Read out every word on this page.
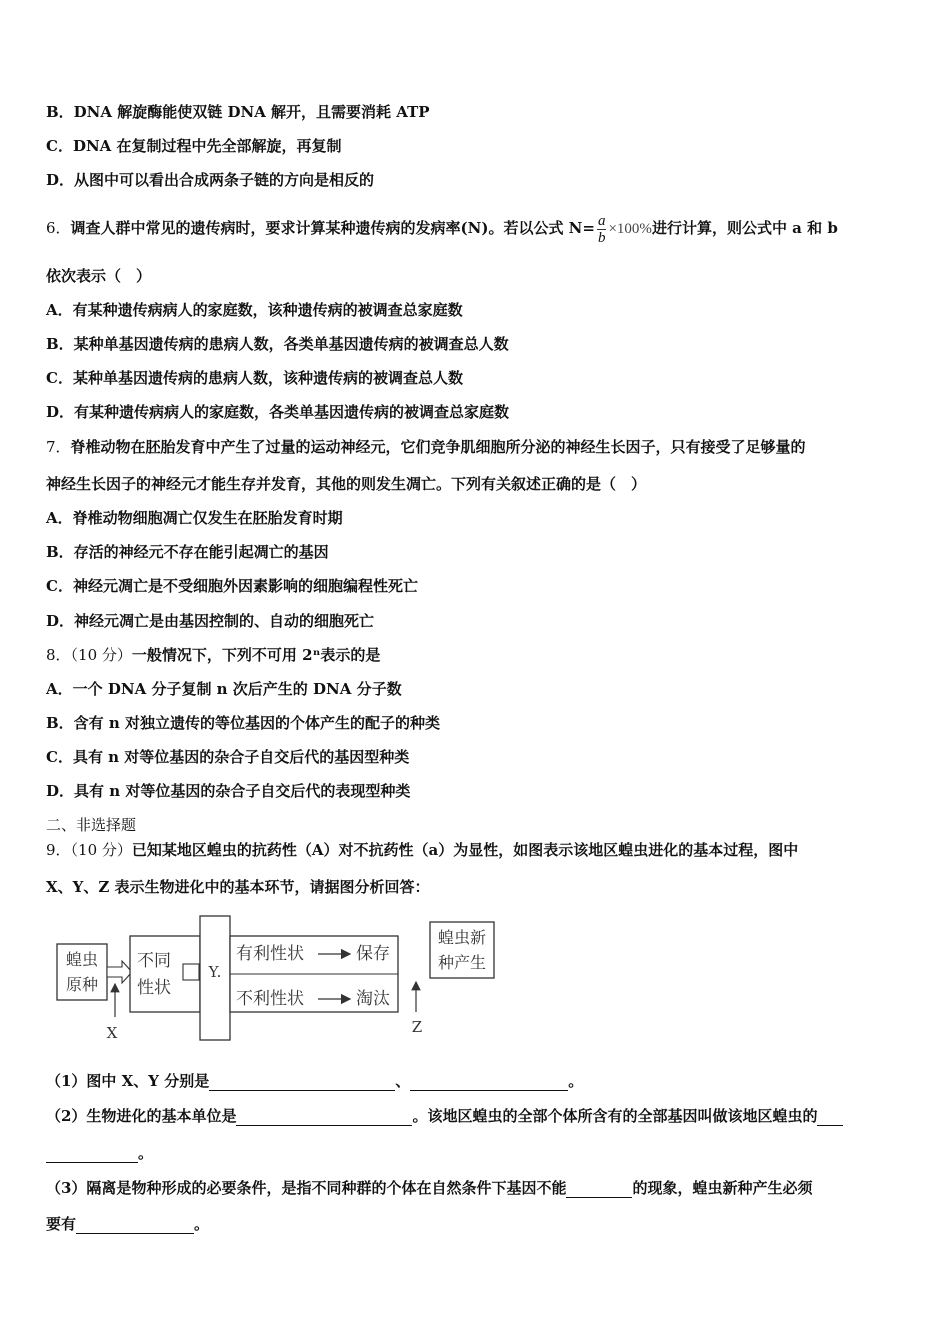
B．DNA 解旋酶能使双链 DNA 解开，且需要消耗 ATP
C．DNA 在复制过程中先全部解旋，再复制
D．从图中可以看出合成两条子链的方向是相反的
6．调查人群中常见的遗传病时，要求计算某种遗传病的发病率(N)。若以公式 $N= \frac{a}{b} \times 100\%$进行计算，则公式中 a 和 b
依次表示（　）
A．有某种遗传病病人的家庭数，该种遗传病的被调查总家庭数
B．某种单基因遗传病的患病人数，各类单基因遗传病的被调查总人数
C．某种单基因遗传病的患病人数，该种遗传病的被调查总人数
D．有某种遗传病病人的家庭数，各类单基因遗传病的被调查总家庭数
7．脊椎动物在胚胎发育中产生了过量的运动神经元，它们竞争肌细胞所分泌的神经生长因子，只有接受了足够量的
神经生长因子的神经元才能生存并发育，其他的则发生凋亡。下列有关叙述正确的是（　）
A．脊椎动物细胞凋亡仅发生在胚胎发育时期
B．存活的神经元不存在能引起凋亡的基因
C．神经元凋亡是不受细胞外因素影响的细胞编程性死亡
D．神经元凋亡是由基因控制的、自动的细胞死亡
8．（10 分）一般情况下，下列不可用 2ⁿ表示的是
A．一个 DNA 分子复制 n 次后产生的 DNA 分子数
B．含有 n 对独立遗传的等位基因的个体产生的配子的种类
C．具有 n 对等位基因的杂合子自交后代的基因型种类
D．具有 n 对等位基因的杂合子自交后代的表现型种类
二、非选择题
9．（10 分）已知某地区蝗虫的抗药性（A）对不抗药性（a）为显性，如图表示该地区蝗虫进化的基本过程，图中
X、Y、Z 表示生物进化中的基本环节，请据图分析回答：
蝗虫
原种
X
不同
性状
Y.
有利性状	保存
不利性状	淘汰
蝗虫新
种产生
Z
（1）图中 X、Y 分别是	、	。
（2）生物进化的基本单位是	。该地区蝗虫的全部个体所含有的全部基因叫做该地区蝗虫的
。
（3）隔离是物种形成的必要条件，是指不同种群的个体在自然条件下基因不能	的现象，蝗虫新种产生必须
要有	。
